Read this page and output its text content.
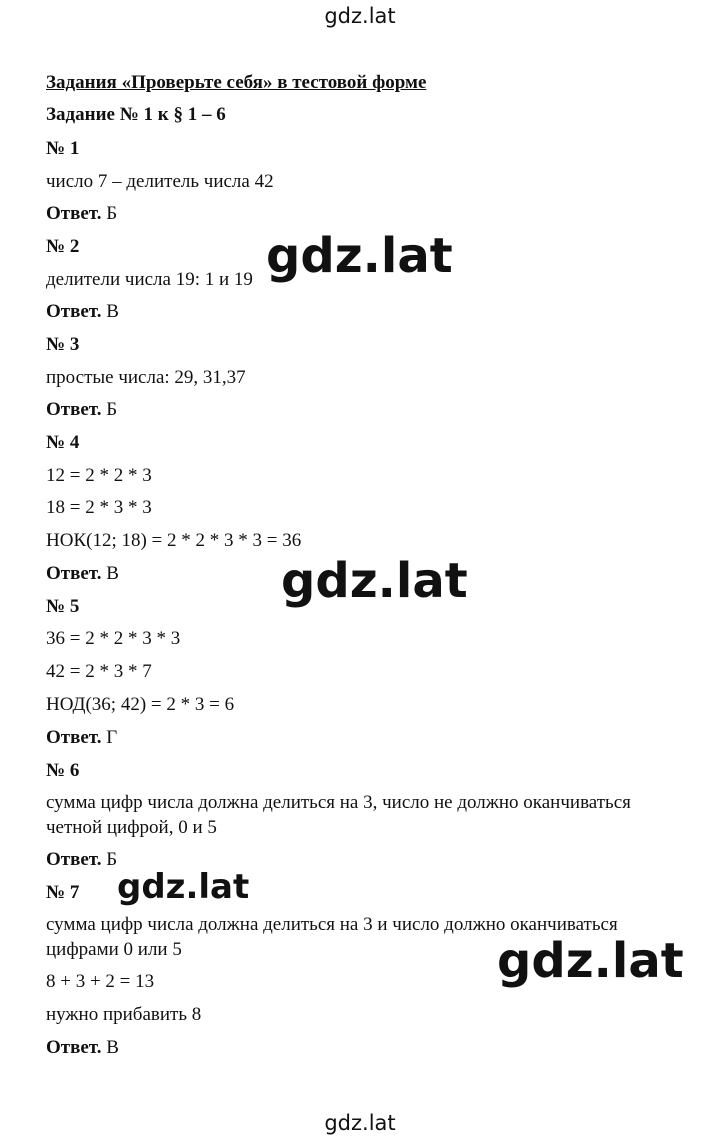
gdz.lat
Задания «Проверьте себя» в тестовой форме
Задание № 1 к § 1 – 6
№ 1
число 7 – делитель числа 42
Ответ. Б
№ 2
делители числа 19: 1 и 19
Ответ. В
№ 3
простые числа: 29, 31,37
Ответ. Б
№ 4
12 = 2 * 2 * 3
18 = 2 * 3 * 3
НОК(12; 18) = 2 * 2 * 3 * 3 = 36
Ответ. В
№ 5
36 = 2 * 2 * 3 * 3
42 = 2 * 3 * 7
НОД(36; 42) = 2 * 3 = 6
Ответ. Г
№ 6
сумма цифр числа должна делиться на 3, число не должно оканчиваться
четной цифрой, 0 и 5
Ответ. Б
№ 7
сумма цифр числа должна делиться на 3 и число должно оканчиваться
цифрами 0 или 5
8 + 3 + 2 = 13
нужно прибавить 8
Ответ. В
gdz.lat
gdz.lat
gdz.lat
gdz.lat
gdz.lat
